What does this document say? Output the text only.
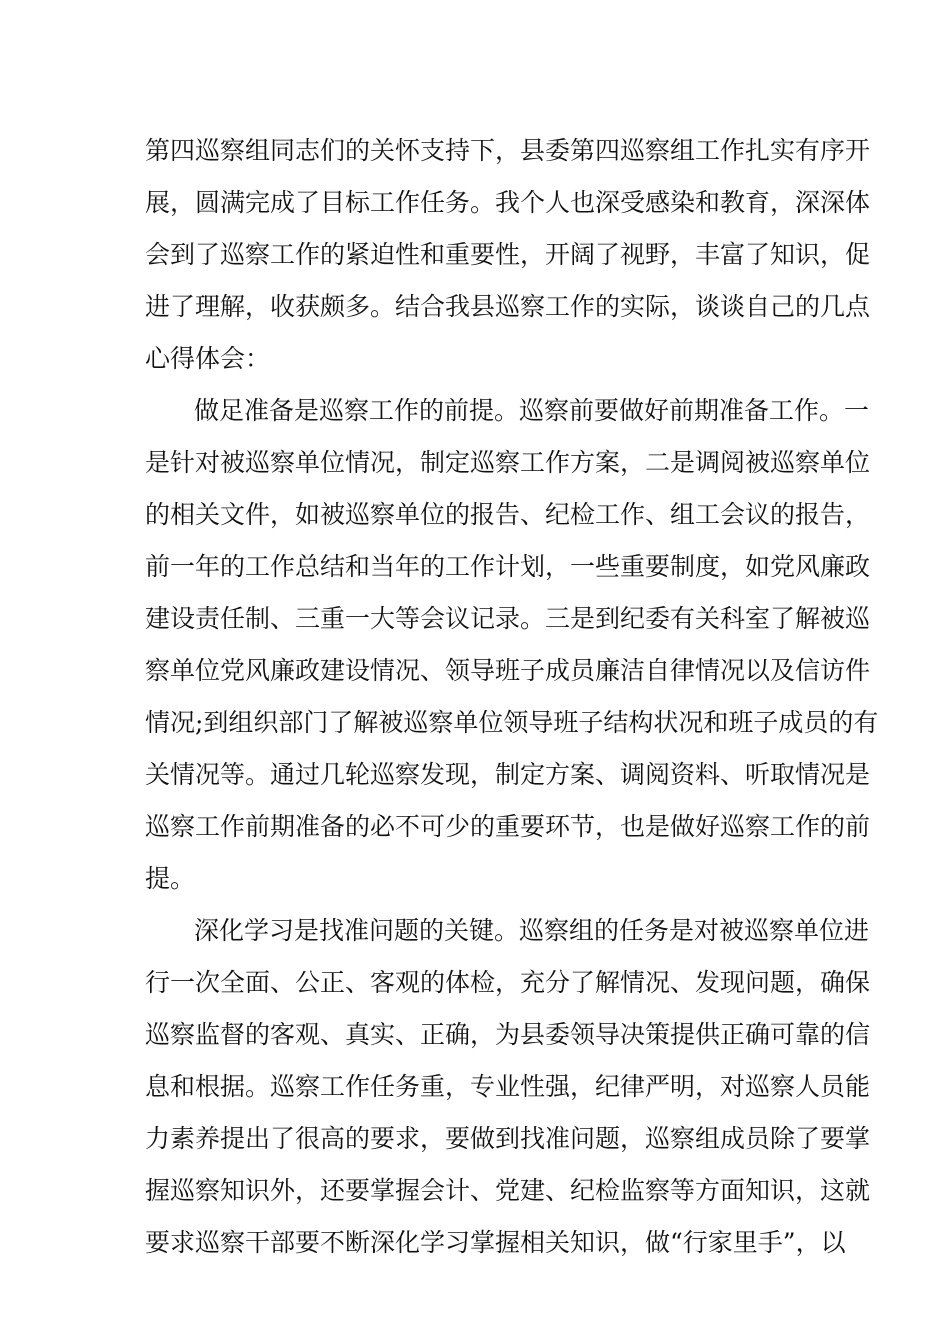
第四巡察组同志们的关怀支持下，县委第四巡察组工作扎实有序开
展，圆满完成了目标工作任务。我个人也深受感染和教育，深深体
会到了巡察工作的紧迫性和重要性，开阔了视野，丰富了知识，促
进了理解，收获颇多。结合我县巡察工作的实际，谈谈自己的几点
心得体会：
做足准备是巡察工作的前提。巡察前要做好前期准备工作。一
是针对被巡察单位情况，制定巡察工作方案，二是调阅被巡察单位
的相关文件，如被巡察单位的报告、纪检工作、组工会议的报告，
前一年的工作总结和当年的工作计划，一些重要制度，如党风廉政
建设责任制、三重一大等会议记录。三是到纪委有关科室了解被巡
察单位党风廉政建设情况、领导班子成员廉洁自律情况以及信访件
情况;到组织部门了解被巡察单位领导班子结构状况和班子成员的有
关情况等。通过几轮巡察发现，制定方案、调阅资料、听取情况是
巡察工作前期准备的必不可少的重要环节，也是做好巡察工作的前
提。
深化学习是找准问题的关键。巡察组的任务是对被巡察单位进
行一次全面、公正、客观的体检，充分了解情况、发现问题，确保
巡察监督的客观、真实、正确，为县委领导决策提供正确可靠的信
息和根据。巡察工作任务重，专业性强，纪律严明，对巡察人员能
力素养提出了很高的要求，要做到找准问题，巡察组成员除了要掌
握巡察知识外，还要掌握会计、党建、纪检监察等方面知识，这就
要求巡察干部要不断深化学习掌握相关知识，做“行家里手”，以
